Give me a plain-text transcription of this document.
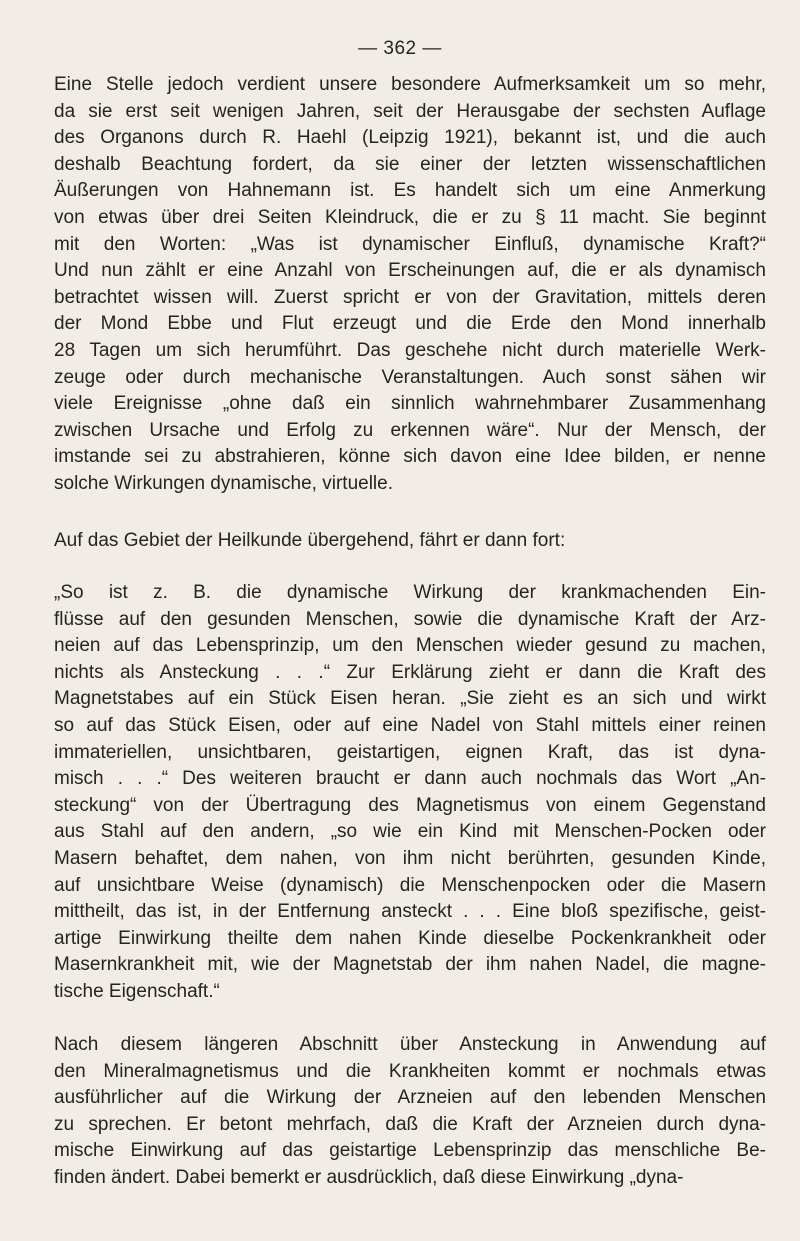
— 362 —
Eine Stelle jedoch verdient unsere besondere Aufmerksamkeit um so mehr,
da sie erst seit wenigen Jahren, seit der Herausgabe der sechsten Auflage
des Organons durch R. Haehl (Leipzig 1921), bekannt ist, und die auch
deshalb Beachtung fordert, da sie einer der letzten wissenschaftlichen
Äußerungen von Hahnemann ist. Es handelt sich um eine Anmerkung
von etwas über drei Seiten Kleindruck, die er zu § 11 macht. Sie beginnt
mit den Worten: „Was ist dynamischer Einfluß, dynamische Kraft?“
Und nun zählt er eine Anzahl von Erscheinungen auf, die er als dynamisch
betrachtet wissen will. Zuerst spricht er von der Gravitation, mittels deren
der Mond Ebbe und Flut erzeugt und die Erde den Mond innerhalb
28 Tagen um sich herumführt. Das geschehe nicht durch materielle Werk-
zeuge oder durch mechanische Veranstaltungen. Auch sonst sähen wir
viele Ereignisse „ohne daß ein sinnlich wahrnehmbarer Zusammenhang
zwischen Ursache und Erfolg zu erkennen wäre“. Nur der Mensch, der
imstande sei zu abstrahieren, könne sich davon eine Idee bilden, er nenne
solche Wirkungen dynamische, virtuelle.
Auf das Gebiet der Heilkunde übergehend, fährt er dann fort:
„So ist z. B. die dynamische Wirkung der krankmachenden Ein-
flüsse auf den gesunden Menschen, sowie die dynamische Kraft der Arz-
neien auf das Lebensprinzip, um den Menschen wieder gesund zu machen,
nichts als Ansteckung . . .“ Zur Erklärung zieht er dann die Kraft des
Magnetstabes auf ein Stück Eisen heran. „Sie zieht es an sich und wirkt
so auf das Stück Eisen, oder auf eine Nadel von Stahl mittels einer reinen
immateriellen, unsichtbaren, geistartigen, eignen Kraft, das ist dyna-
misch . . .“ Des weiteren braucht er dann auch nochmals das Wort „An-
steckung“ von der Übertragung des Magnetismus von einem Gegenstand
aus Stahl auf den andern, „so wie ein Kind mit Menschen-Pocken oder
Masern behaftet, dem nahen, von ihm nicht berührten, gesunden Kinde,
auf unsichtbare Weise (dynamisch) die Menschenpocken oder die Masern
mittheilt, das ist, in der Entfernung ansteckt . . . Eine bloß spezifische, geist-
artige Einwirkung theilte dem nahen Kinde dieselbe Pockenkrankheit oder
Masernkrankheit mit, wie der Magnetstab der ihm nahen Nadel, die magne-
tische Eigenschaft.“
Nach diesem längeren Abschnitt über Ansteckung in Anwendung auf
den Mineralmagnetismus und die Krankheiten kommt er nochmals etwas
ausführlicher auf die Wirkung der Arzneien auf den lebenden Menschen
zu sprechen. Er betont mehrfach, daß die Kraft der Arzneien durch dyna-
mische Einwirkung auf das geistartige Lebensprinzip das menschliche Be-
finden ändert. Dabei bemerkt er ausdrücklich, daß diese Einwirkung „dyna-
